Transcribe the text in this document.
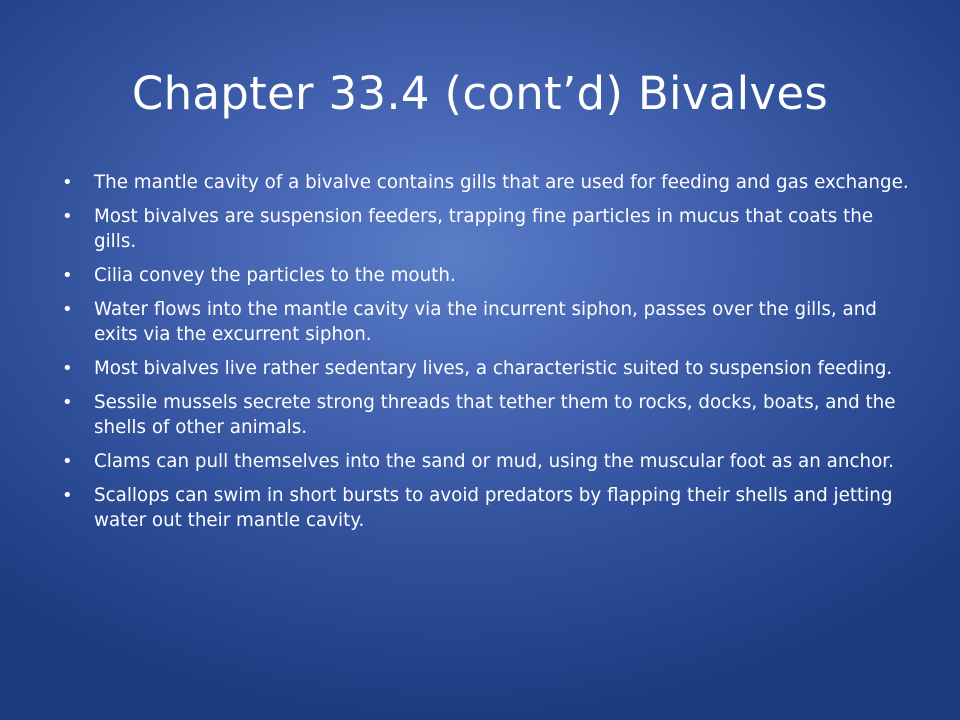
Chapter 33.4 (cont’d) Bivalves
•	The mantle cavity of a bivalve contains gills that are used for feeding and gas exchange.
•	Most bivalves are suspension feeders, trapping fine particles in mucus that coats the gills.
•	Cilia convey the particles to the mouth.
•	Water flows into the mantle cavity via the incurrent siphon, passes over the gills, and exits via the excurrent siphon.
•	Most bivalves live rather sedentary lives, a characteristic suited to suspension feeding.
•	Sessile mussels secrete strong threads that tether them to rocks, docks, boats, and the shells of other animals.
•	Clams can pull themselves into the sand or mud, using the muscular foot as an anchor.
•	Scallops can swim in short bursts to avoid predators by flapping their shells and jetting water out their mantle cavity.
